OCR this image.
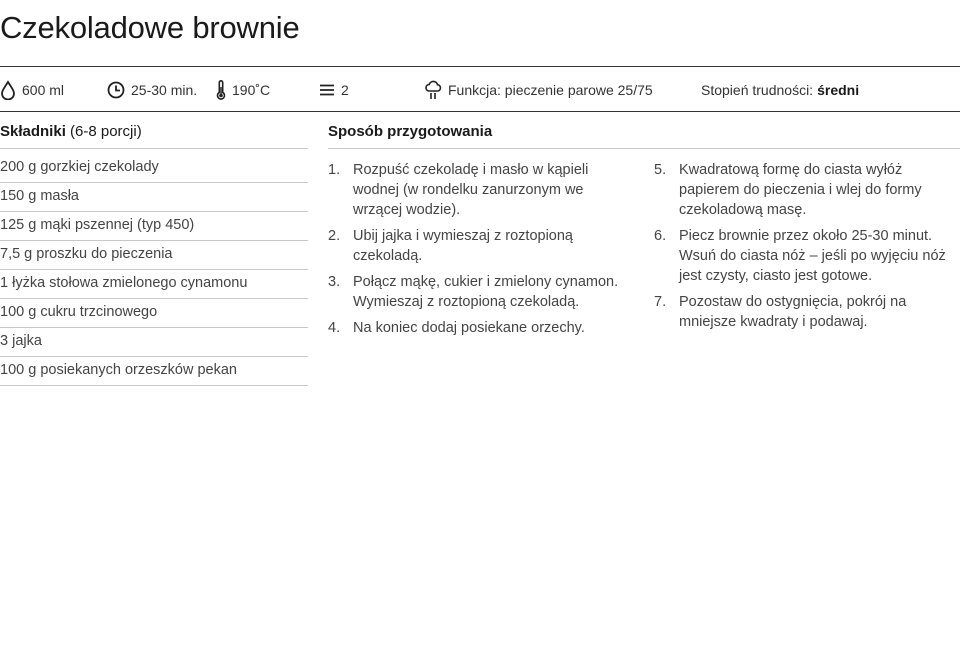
Czekoladowe brownie
600 ml	25-30 min. 190˚C	2	Funkcja: pieczenie parowe 25/75	Stopień trudności: średni
Składniki (6-8 porcji)
200 g gorzkiej czekolady
150 g masła
125 g mąki pszennej (typ 450)
7,5 g proszku do pieczenia
1 łyżka stołowa zmielonego cynamonu
100 g cukru trzcinowego
3 jajka
100 g posiekanych orzeszków pekan
Sposób przygotowania
1. Rozpuść czekoladę i masło w kąpieli wodnej (w rondelku zanurzonym we wrzącej wodzie).
2. Ubij jajka i wymieszaj z roztopioną czekoladą.
3. Połącz mąkę, cukier i zmielony cynamon. Wymieszaj z roztopioną czekoladą.
4. Na koniec dodaj posiekane orzechy.
5. Kwadratową formę do ciasta wyłóż papierem do pieczenia i wlej do formy czekoladową masę.
6. Piecz brownie przez około 25-30 minut. Wsuń do ciasta nóż – jeśli po wyjęciu nóż jest czysty, ciasto jest gotowe.
7. Pozostaw do ostygnięcia, pokrój na mniejsze kwadraty i podawaj.
